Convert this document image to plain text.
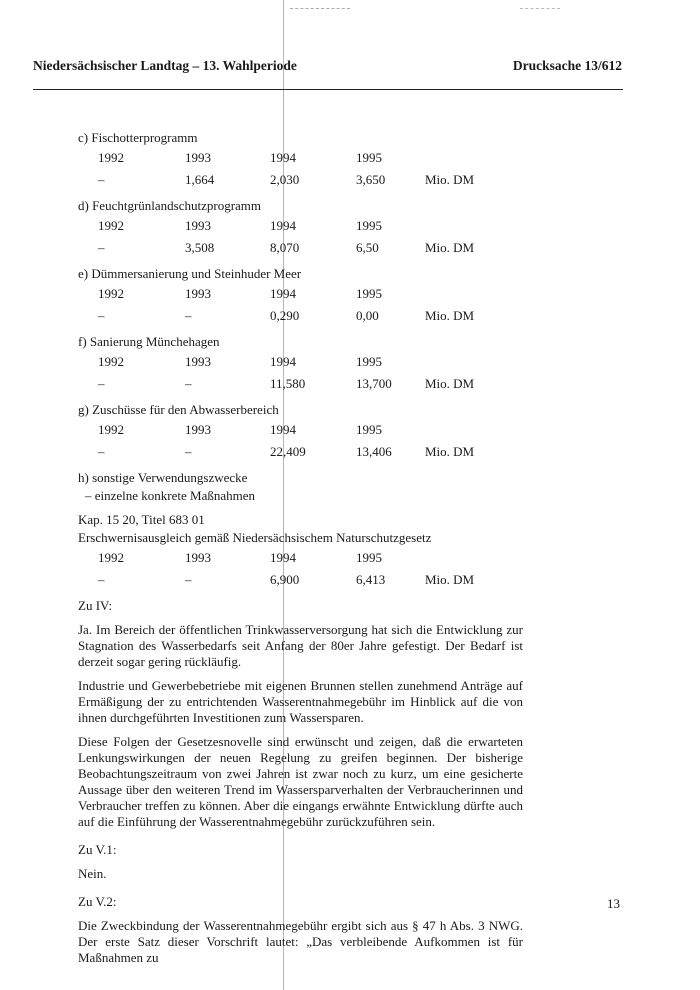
Niedersächsischer Landtag – 13. Wahlperiode	Drucksache 13/612

c) Fischotterprogramm

1992	1993	1994	1995
–	1,664	2,030	3,650	Mio. DM

d) Feuchtgrünlandschutzprogramm

1992	1993	1994	1995
–	3,508	8,070	6,50	Mio. DM

e) Dümmersanierung und Steinhuder Meer

1992	1993	1994	1995
–	–	0,290	0,00	Mio. DM

f) Sanierung Münchehagen

1992	1993	1994	1995
–	–	11,580	13,700	Mio. DM

g) Zuschüsse für den Abwasserbereich

1992	1993	1994	1995
–	–	22,409	13,406	Mio. DM

h) sonstige Verwendungszwecke

– einzelne konkrete Maßnahmen

Kap. 15 20, Titel 683 01

Erschwernisausgleich gemäß Niedersächsischem Naturschutzgesetz

1992	1993	1994	1995
–	–	6,900	6,413	Mio. DM

Zu IV:

Ja. Im Bereich der öffentlichen Trinkwasserversorgung hat sich die Entwicklung zur Stagnation des Wasserbedarfs seit Anfang der 80er Jahre gefestigt. Der Bedarf ist derzeit sogar gering rückläufig.

Industrie und Gewerbebetriebe mit eigenen Brunnen stellen zunehmend Anträge auf Ermäßigung der zu entrichtenden Wasserentnahmegebühr im Hinblick auf die von ihnen durchgeführten Investitionen zum Wassersparen.

Diese Folgen der Gesetzesnovelle sind erwünscht und zeigen, daß die erwarteten Lenkungswirkungen der neuen Regelung zu greifen beginnen. Der bisherige Beobachtungszeitraum von zwei Jahren ist zwar noch zu kurz, um eine gesicherte Aussage über den weiteren Trend im Wassersparverhalten der Verbraucherinnen und Verbraucher treffen zu können. Aber die eingangs erwähnte Entwicklung dürfte auch auf die Einführung der Wasserentnahmegebühr zurückzuführen sein.

Zu V.1:

Nein.

Zu V.2:

Die Zweckbindung der Wasserentnahmegebühr ergibt sich aus § 47 h Abs. 3 NWG. Der erste Satz dieser Vorschrift lautet: „Das verbleibende Aufkommen ist für Maßnahmen zu

13
